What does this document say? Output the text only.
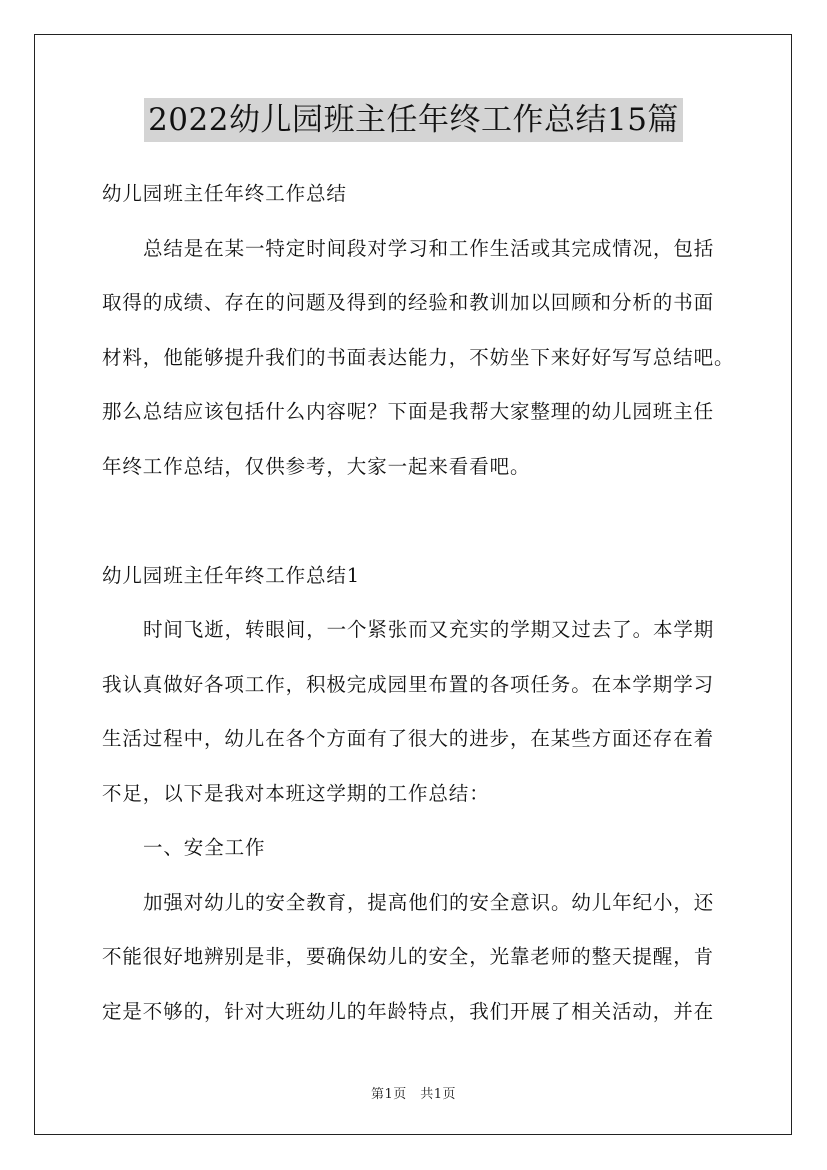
2022幼儿园班主任年终工作总结15篇
幼儿园班主任年终工作总结
总结是在某一特定时间段对学习和工作生活或其完成情况，包括
取得的成绩、存在的问题及得到的经验和教训加以回顾和分析的书面
材料，他能够提升我们的书面表达能力，不妨坐下来好好写写总结吧。
那么总结应该包括什么内容呢？下面是我帮大家整理的幼儿园班主任
年终工作总结，仅供参考，大家一起来看看吧。
幼儿园班主任年终工作总结1
时间飞逝，转眼间，一个紧张而又充实的学期又过去了。本学期
我认真做好各项工作，积极完成园里布置的各项任务。在本学期学习
生活过程中，幼儿在各个方面有了很大的进步，在某些方面还存在着
不足，以下是我对本班这学期的工作总结：
一、安全工作
加强对幼儿的安全教育，提高他们的安全意识。幼儿年纪小，还
不能很好地辨别是非，要确保幼儿的安全，光靠老师的整天提醒，肯
定是不够的，针对大班幼儿的年龄特点，我们开展了相关活动，并在
第1页　共1页
